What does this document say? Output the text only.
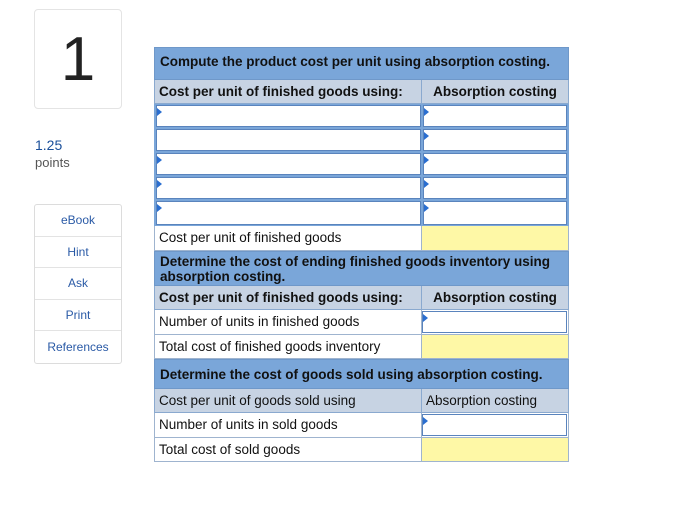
1
1.25
points
eBook
Hint
Ask
Print
References
Compute the product cost per unit using absorption costing.
Cost per unit of finished goods using:	Absorption costing
Cost per unit of finished goods
Determine the cost of ending finished goods inventory using absorption costing.
Cost per unit of finished goods using:	Absorption costing
Number of units in finished goods
Total cost of finished goods inventory
Determine the cost of goods sold using absorption costing.
Cost per unit of goods sold using	Absorption costing
Number of units in sold goods
Total cost of sold goods
